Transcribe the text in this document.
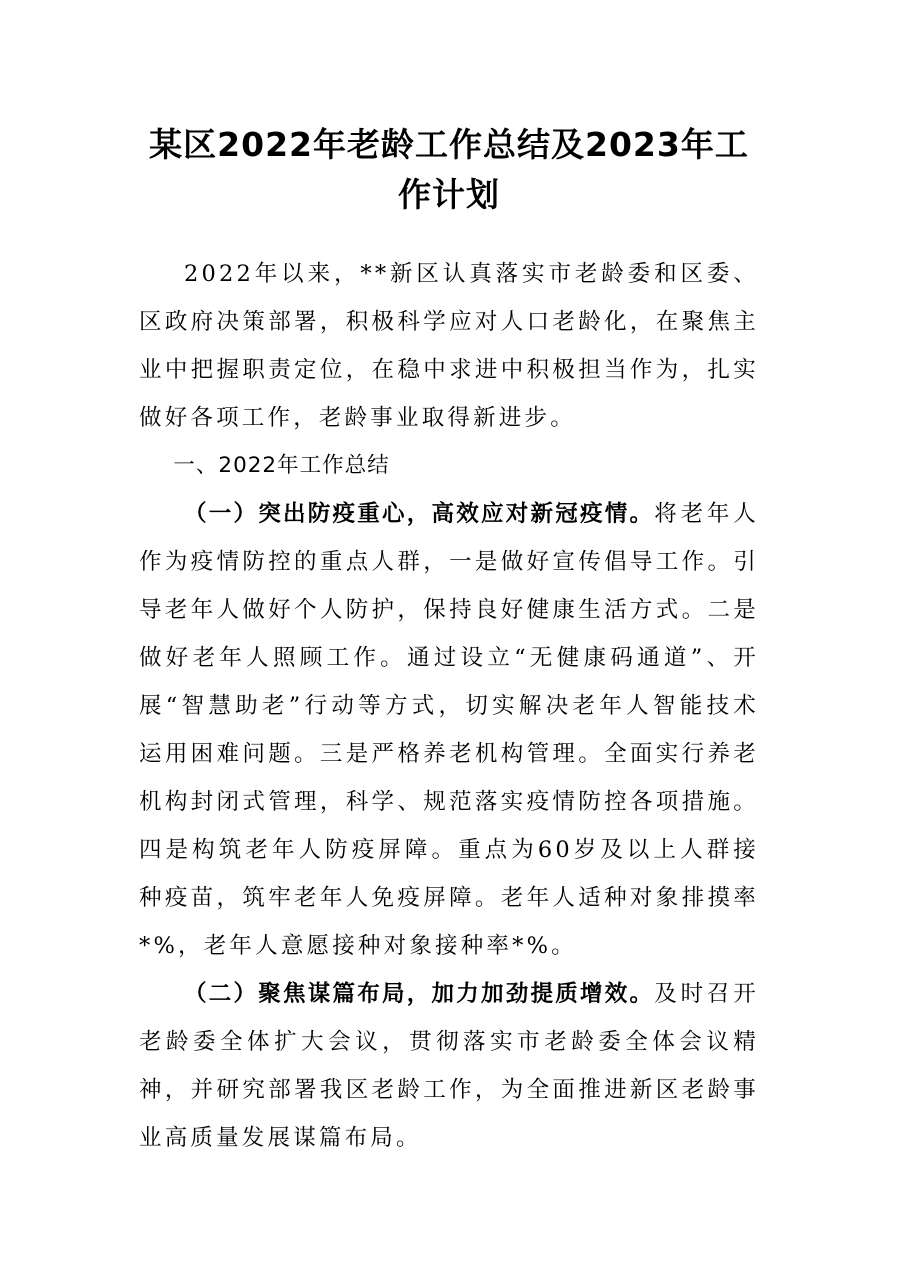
某区2022年老龄工作总结及2023年工作计划

2022年以来，**新区认真落实市老龄委和区委、区政府决策部署，积极科学应对人口老龄化，在聚焦主业中把握职责定位，在稳中求进中积极担当作为，扎实做好各项工作，老龄事业取得新进步。

一、2022年工作总结

（一）突出防疫重心，高效应对新冠疫情。将老年人作为疫情防控的重点人群，一是做好宣传倡导工作。引导老年人做好个人防护，保持良好健康生活方式。二是做好老年人照顾工作。通过设立“无健康码通道”、开展“智慧助老”行动等方式，切实解决老年人智能技术运用困难问题。三是严格养老机构管理。全面实行养老机构封闭式管理，科学、规范落实疫情防控各项措施。四是构筑老年人防疫屏障。重点为60岁及以上人群接种疫苗，筑牢老年人免疫屏障。老年人适种对象排摸率*%，老年人意愿接种对象接种率*%。

（二）聚焦谋篇布局，加力加劲提质增效。及时召开老龄委全体扩大会议，贯彻落实市老龄委全体会议精神，并研究部署我区老龄工作，为全面推进新区老龄事业高质量发展谋篇布局。
